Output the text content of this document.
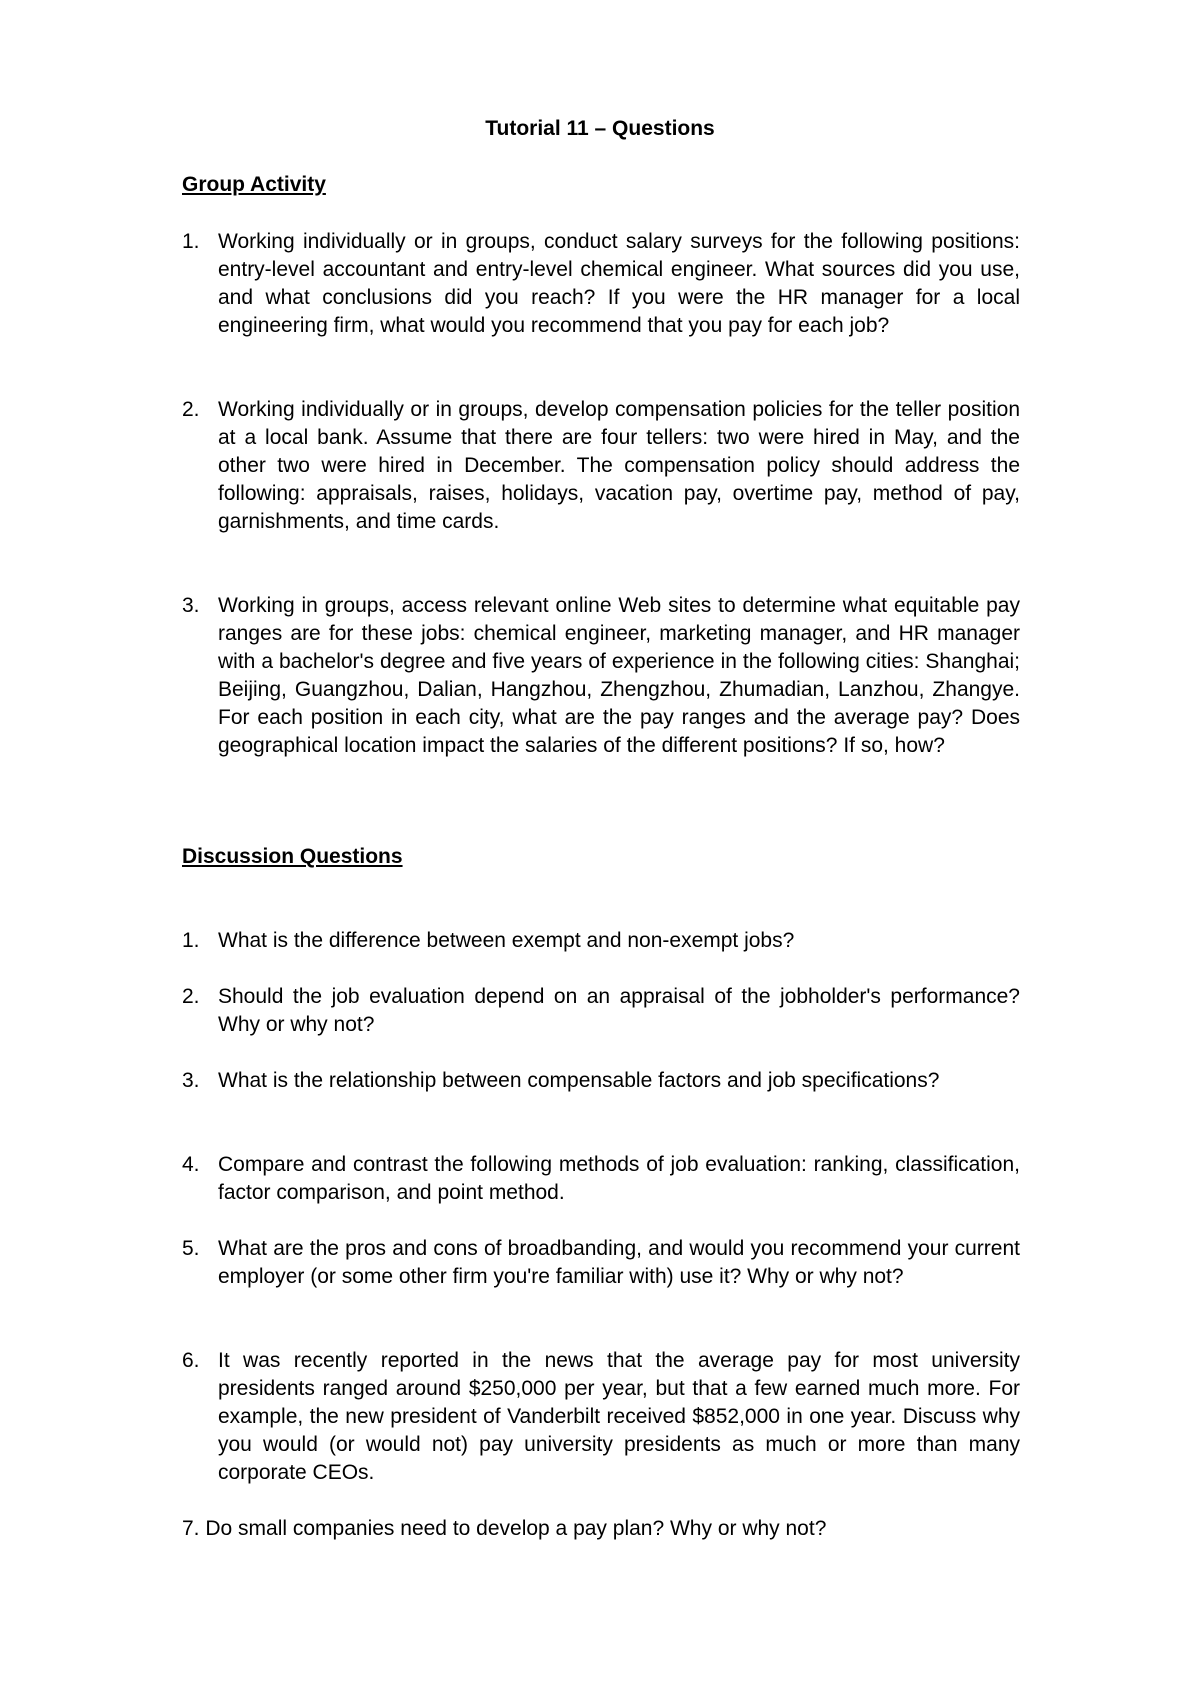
Tutorial 11 – Questions
Group Activity
1. Working individually or in groups, conduct salary surveys for the following positions: entry-level accountant and entry-level chemical engineer. What sources did you use, and what conclusions did you reach? If you were the HR manager for a local engineering firm, what would you recommend that you pay for each job?
2. Working individually or in groups, develop compensation policies for the teller position at a local bank. Assume that there are four tellers: two were hired in May, and the other two were hired in December. The compensation policy should address the following: appraisals, raises, holidays, vacation pay, overtime pay, method of pay, garnishments, and time cards.
3. Working in groups, access relevant online Web sites to determine what equitable pay ranges are for these jobs: chemical engineer, marketing manager, and HR manager with a bachelor's degree and five years of experience in the following cities: Shanghai; Beijing, Guangzhou, Dalian, Hangzhou, Zhengzhou, Zhumadian, Lanzhou, Zhangye. For each position in each city, what are the pay ranges and the average pay? Does geographical location impact the salaries of the different positions? If so, how?
Discussion Questions
1. What is the difference between exempt and non-exempt jobs?
2. Should the job evaluation depend on an appraisal of the jobholder's performance? Why or why not?
3. What is the relationship between compensable factors and job specifications?
4. Compare and contrast the following methods of job evaluation: ranking, classification, factor comparison, and point method.
5. What are the pros and cons of broadbanding, and would you recommend your current employer (or some other firm you're familiar with) use it? Why or why not?
6. It was recently reported in the news that the average pay for most university presidents ranged around $250,000 per year, but that a few earned much more. For example, the new president of Vanderbilt received $852,000 in one year. Discuss why you would (or would not) pay university presidents as much or more than many corporate CEOs.
7. Do small companies need to develop a pay plan? Why or why not?
